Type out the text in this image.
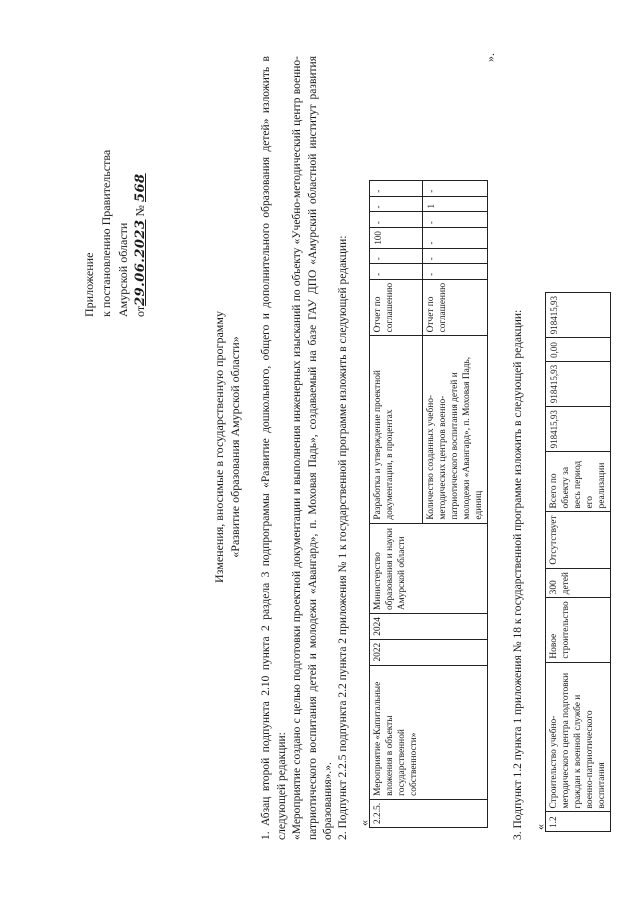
Приложение к постановлению Правительства Амурской области от29.06.2023 № 568
Изменения, вносимые в государственную программу «Развитие образования Амурской области» 1. Абзац второй подпункта 2.10 пункта 2 раздела 3 подпрограммы «Развитие дошкольного, общего и дополнительного образования детей» изложить в следующей редакции: «Мероприятие создано с целью подготовки проектной документации и выполнения инженерных изысканий по объекту «Учебно-методический центр военно-патриотического воспитания детей и молодежи «Авангард», п. Моховая Падь», создаваемый на базе ГАУ ДПО «Амурский областной институт развития образования».». 2. Подпункт 2.2.5 подпункта 2.2 пункта 2 приложения № 1 к государственной программе изложить в следующей редакции: « 2.2.5.	Мероприятие «Капитальные вложения в объекты государственной собственности»	2022	2024	Министерство образования и науки Амурской области	Разработка и утверждение проектной документации, в процентах	Отчет по соглашению	-	-	100	-	-	-
					Количество созданных учебно-методических центров военно-патриотического воспитания детей и молодежи «Авангард», п. Моховая Падь, единиц	Отчет по соглашению	-	-	-	-	1	-
».
3. Подпункт 1.2 пункта 1 приложения № 18 к государственной программе изложить в следующей редакции: « 1.2	Строительство учебно-методического центра подготовки граждан к военной службе и военно-патриотического воспитания	Новое строительство	300 детей	Отсутствует	Всего по объекту за весь период его реализации	918415,93	918415,93	0,00	918415,93
